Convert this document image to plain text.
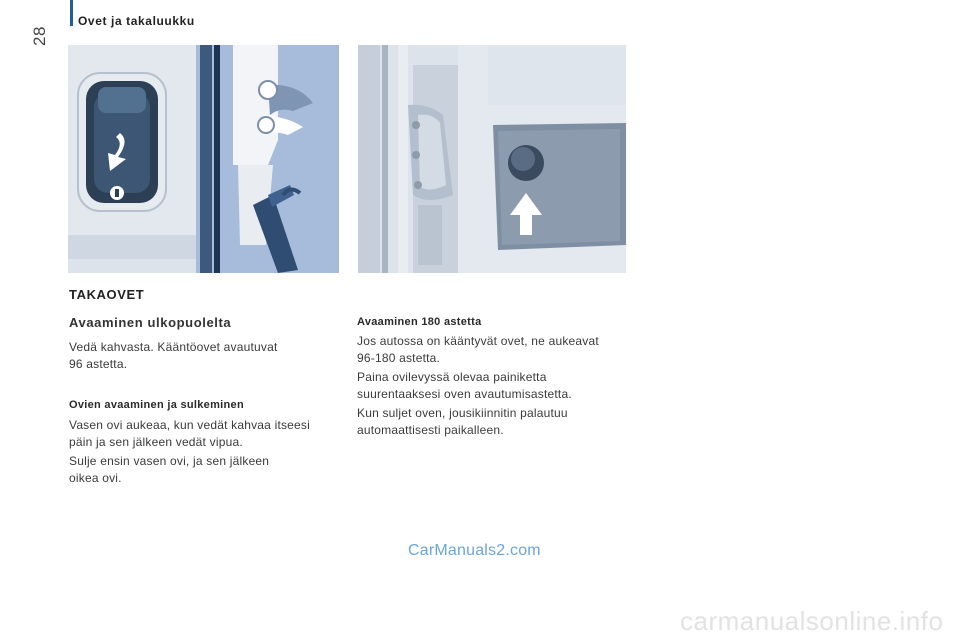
28
Ovet ja takaluukku
TAKAOVET
Avaaminen ulkopuolelta
Vedä kahvasta. Kääntöovet avautuvat
96 astetta.
Ovien avaaminen ja sulkeminen
Vasen ovi aukeaa, kun vedät kahvaa itseesi
päin ja sen jälkeen vedät vipua.
Sulje ensin vasen ovi, ja sen jälkeen
oikea ovi.
Avaaminen 180 astetta
Jos autossa on kääntyvät ovet, ne aukeavat
96-180 astetta.
Paina ovilevyssä olevaa painiketta
suurentaaksesi oven avautumisastetta.
Kun suljet oven, jousikiinnitin palautuu
automaattisesti paikalleen.
CarManuals2.com
carmanualsonline.info
